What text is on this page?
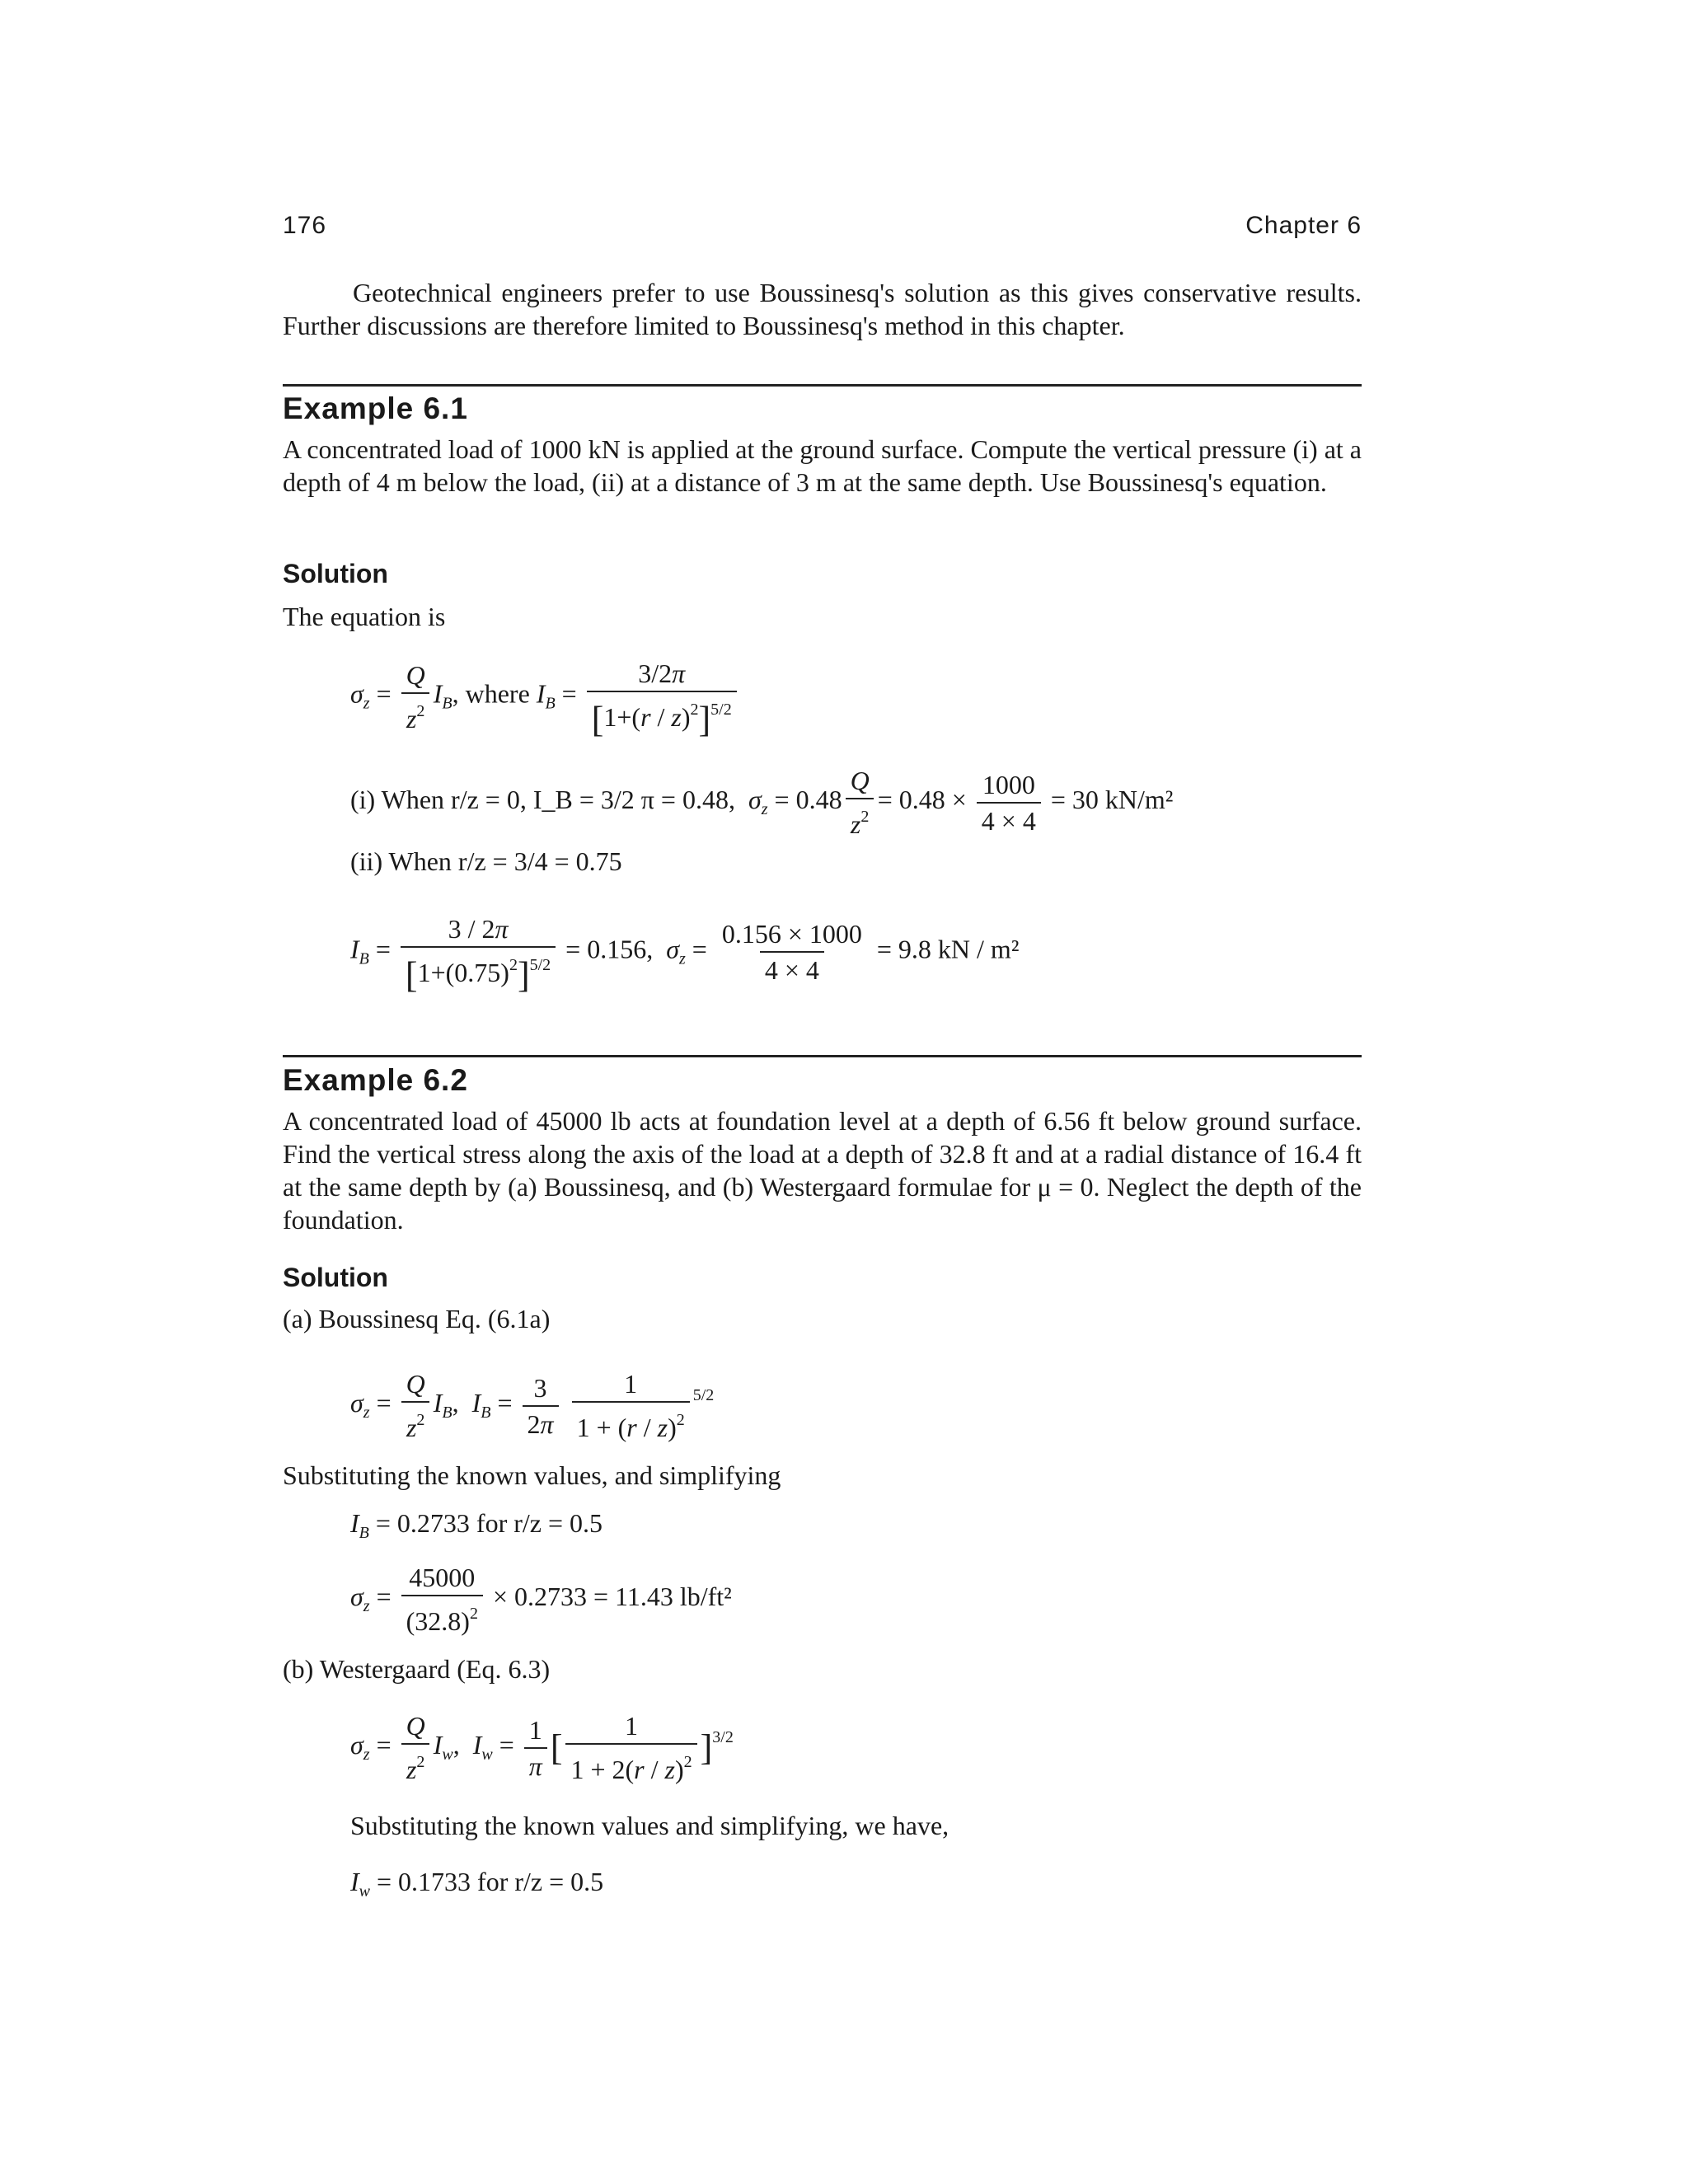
176	Chapter 6

Geotechnical engineers prefer to use Boussinesq's solution as this gives conservative results. Further discussions are therefore limited to Boussinesq's method in this chapter.

Example 6.1

A concentrated load of 1000 kN is applied at the ground surface. Compute the vertical pressure (i) at a depth of 4 m below the load, (ii) at a distance of 3 m at the same depth. Use Boussinesq's equation.

Solution
The equation is
$\sigma_z = \frac{Q}{z^2} I_B$, where $I_B = \frac{3/2\pi}{[1+(r / z)^2]^{5/2}}$
(i) When r/z = 0, I_B = 3/2 π = 0.48, $\sigma_z = 0.48 \frac{Q}{z^2} = 0.48 \times \frac{1000}{4 \times 4} = 30$ kN/m²
(ii) When r/z = 3/4 = 0.75
$I_B = \frac{3 / 2\pi}{[1+(0.75)^2]^{5/2}} = 0.156$, $\sigma_z = \frac{0.156 \times 1000}{4 \times 4} = 9.8$ kN / m²
Example 6.2

A concentrated load of 45000 lb acts at foundation level at a depth of 6.56 ft below ground surface. Find the vertical stress along the axis of the load at a depth of 32.8 ft and at a radial distance of 16.4 ft at the same depth by (a) Boussinesq, and (b) Westergaard formulae for μ = 0. Neglect the depth of the foundation.

Solution
(a) Boussinesq Eq. (6.1a)
$\sigma_z = \frac{Q}{z^2} I_B$,  $I_B = \frac{3}{2\pi}$
$\frac{1}{1 + (r / z)^2} ^{5/2}$
Substituting the known values, and simplifying
$I_B = 0.2733$ for r/z = 0.5
$\sigma_z = \frac{45000}{(32.8)^2} \times 0.2733 = 11.43$ lb/ft²
(b) Westergaard (Eq. 6.3)
$\sigma_z = \frac{Q}{z^2} I_w$,  $I_w = \frac{1}{\pi}$ [ $\frac{1}{1 + 2(r / z)^2} ]^{3/2}$
Substituting the known values and simplifying, we have,
$I_w = 0.1733$ for r/z = 0.5
